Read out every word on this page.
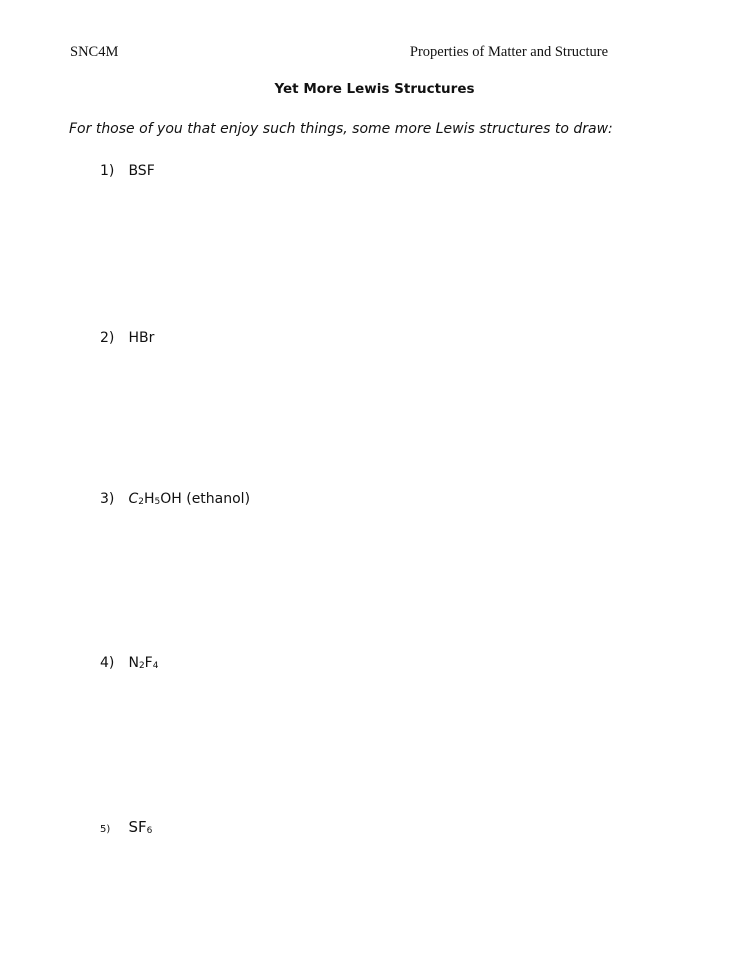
SNC4M	Properties of Matter and Structure
Yet More Lewis Structures
For those of you that enjoy such things, some more Lewis structures to draw:
1) BSF
2) HBr
3) $C_2H_5OH$ (ethanol)
4) $N_2F_4$
5) $SF_6$
